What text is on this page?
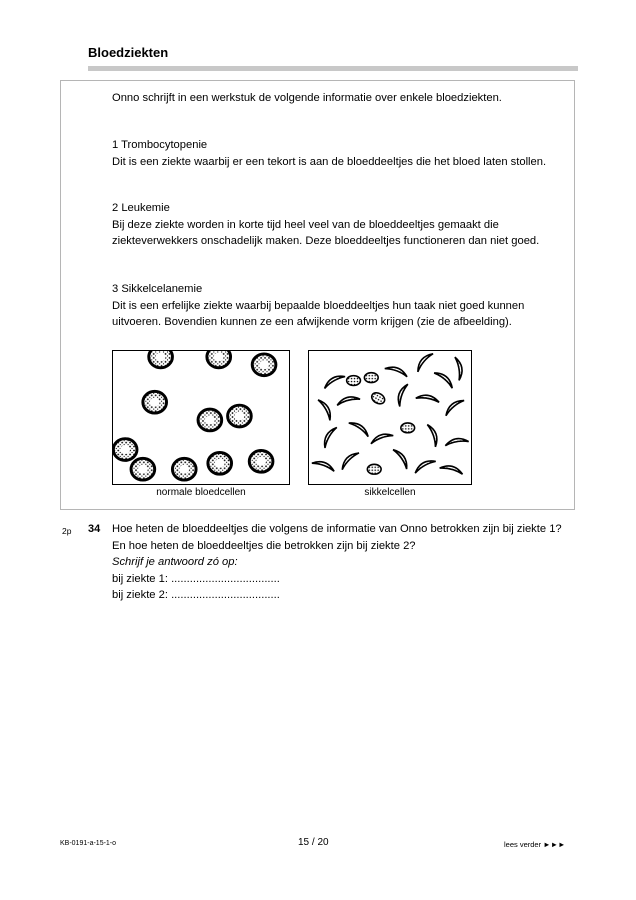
Bloedziekten

Onno schrijft in een werkstuk de volgende informatie over enkele bloedziekten.

1 Trombocytopenie

Dit is een ziekte waarbij er een tekort is aan de bloeddeeltjes die het bloed laten stollen.

2 Leukemie

Bij deze ziekte worden in korte tijd heel veel van de bloeddeeltjes gemaakt die ziekteverwekkers onschadelijk maken. Deze bloeddeeltjes functioneren dan niet goed.

3 Sikkelcelanemie

Dit is een erfelijke ziekte waarbij bepaalde bloeddeeltjes hun taak niet goed kunnen uitvoeren. Bovendien kunnen ze een afwijkende vorm krijgen (zie de afbeelding).

normale bloedcellen	sikkelcellen
2p 34 Hoe heten de bloeddeeltjes die volgens de informatie van Onno betrokken zijn bij ziekte 1? En hoe heten de bloeddeeltjes die betrokken zijn bij ziekte 2?

Schrijf je antwoord zó op:

bij ziekte 1: ...................................

bij ziekte 2: ...................................

KB-0191-a-15-1-o	15 / 20	lees verder ►►►
